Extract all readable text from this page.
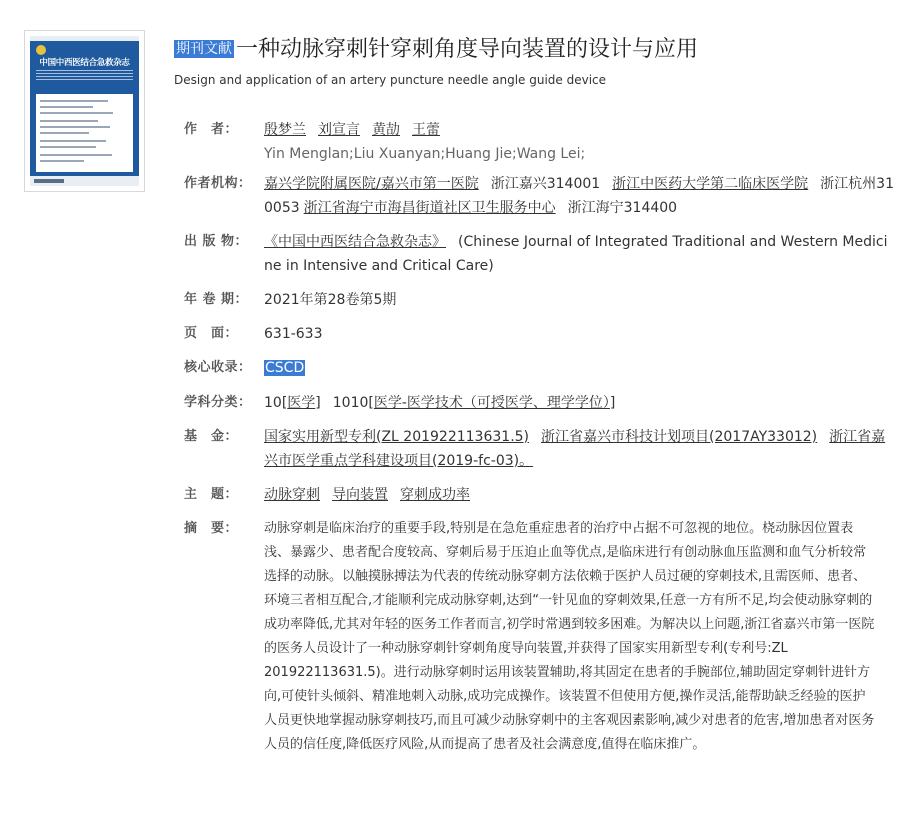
中国中西医结合急救杂志
期刊文献 一种动脉穿刺针穿刺角度导向装置的设计与应用
Design and application of an artery puncture needle angle guide device
作　者：	殷梦兰 刘宣言 黄劼 王蕾
Yin Menglan;Liu Xuanyan;Huang Jie;Wang Lei;
作者机构： 嘉兴学院附属医院/嘉兴市第一医院 浙江嘉兴314001 浙江中医药大学第二临床医学院 浙江杭州31
0053 浙江省海宁市海昌街道社区卫生服务中心 浙江海宁314400
出 版 物：	《中国中西医结合急救杂志》 (Chinese Journal of Integrated Traditional and Western Medici
ne in Intensive and Critical Care)
年 卷 期：	2021年第28卷第5期
页　面：	631-633
核心收录： CSCD
学科分类： 10[医学] 1010[医学-医学技术（可授医学、理学学位）]
基　金：	国家实用新型专利(ZL 201922113631.5) 浙江省嘉兴市科技计划项目(2017AY33012) 浙江省嘉
兴市医学重点学科建设项目(2019-fc-03)。
主　题：	动脉穿刺 导向装置 穿刺成功率
摘　要：	动脉穿刺是临床治疗的重要手段,特别是在急危重症患者的治疗中占据不可忽视的地位。桡动脉因位置表浅、暴露少、患者配合度较高、穿刺后易于压迫止血等优点,是临床进行有创动脉血压监测和血气分析较常选择的动脉。以触摸脉搏法为代表的传统动脉穿刺方法依赖于医护人员过硬的穿刺技术,且需医师、患者、环境三者相互配合,才能顺利完成动脉穿刺,达到“一针见血的穿刺效果,任意一方有所不足,均会使动脉穿刺的成功率降低,尤其对年轻的医务工作者而言,初学时常遇到较多困难。为解决以上问题,浙江省嘉兴市第一医院的医务人员设计了一种动脉穿刺针穿刺角度导向装置,并获得了国家实用新型专利(专利号:ZL 201922113631.5)。进行动脉穿刺时运用该装置辅助,将其固定在患者的手腕部位,辅助固定穿刺针进针方向,可使针头倾斜、精准地刺入动脉,成功完成操作。该装置不但使用方便,操作灵活,能帮助缺乏经验的医护人员更快地掌握动脉穿刺技巧,而且可减少动脉穿刺中的主客观因素影响,减少对患者的危害,增加患者对医务人员的信任度,降低医疗风险,从而提高了患者及社会满意度,值得在临床推广。
